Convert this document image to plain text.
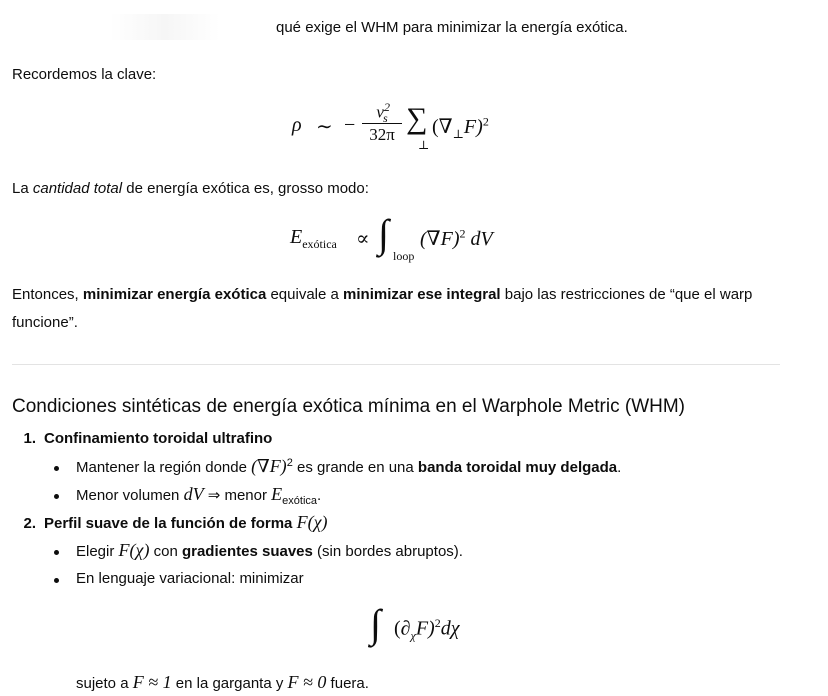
qué exige el WHM para minimizar la energía exótica.
Recordemos la clave:
ρ ∼ −
$v^2_s$
32π ∑
⊥
$(\nabla_\perp F)^2$
La cantidad total de energía exótica es, grosso modo:
$E_{exótica}$ ∝ ∫ loop
$(\nabla F)^2$ dV
Entonces, minimizar energía exótica equivale a minimizar ese integral bajo las restricciones de “que el warp
funcione”.
Condiciones sintéticas de energía exótica mínima en el Warphole Metric (WHM)
1. Confinamiento toroidal ultrafino
Mantener la región donde $(\nabla F)^2$ es grande en una banda toroidal muy delgada.
Menor volumen dV ⇒ menor $E_{exótica}$.
2. Perfil suave de la función de forma F(χ)
Elegir F(χ) con gradientes suaves (sin bordes abruptos).
En lenguaje variacional: minimizar
∫ $(\partial_\chi F)^2d\chi$
sujeto a F ≈ 1 en la garganta y F ≈ 0 fuera.
